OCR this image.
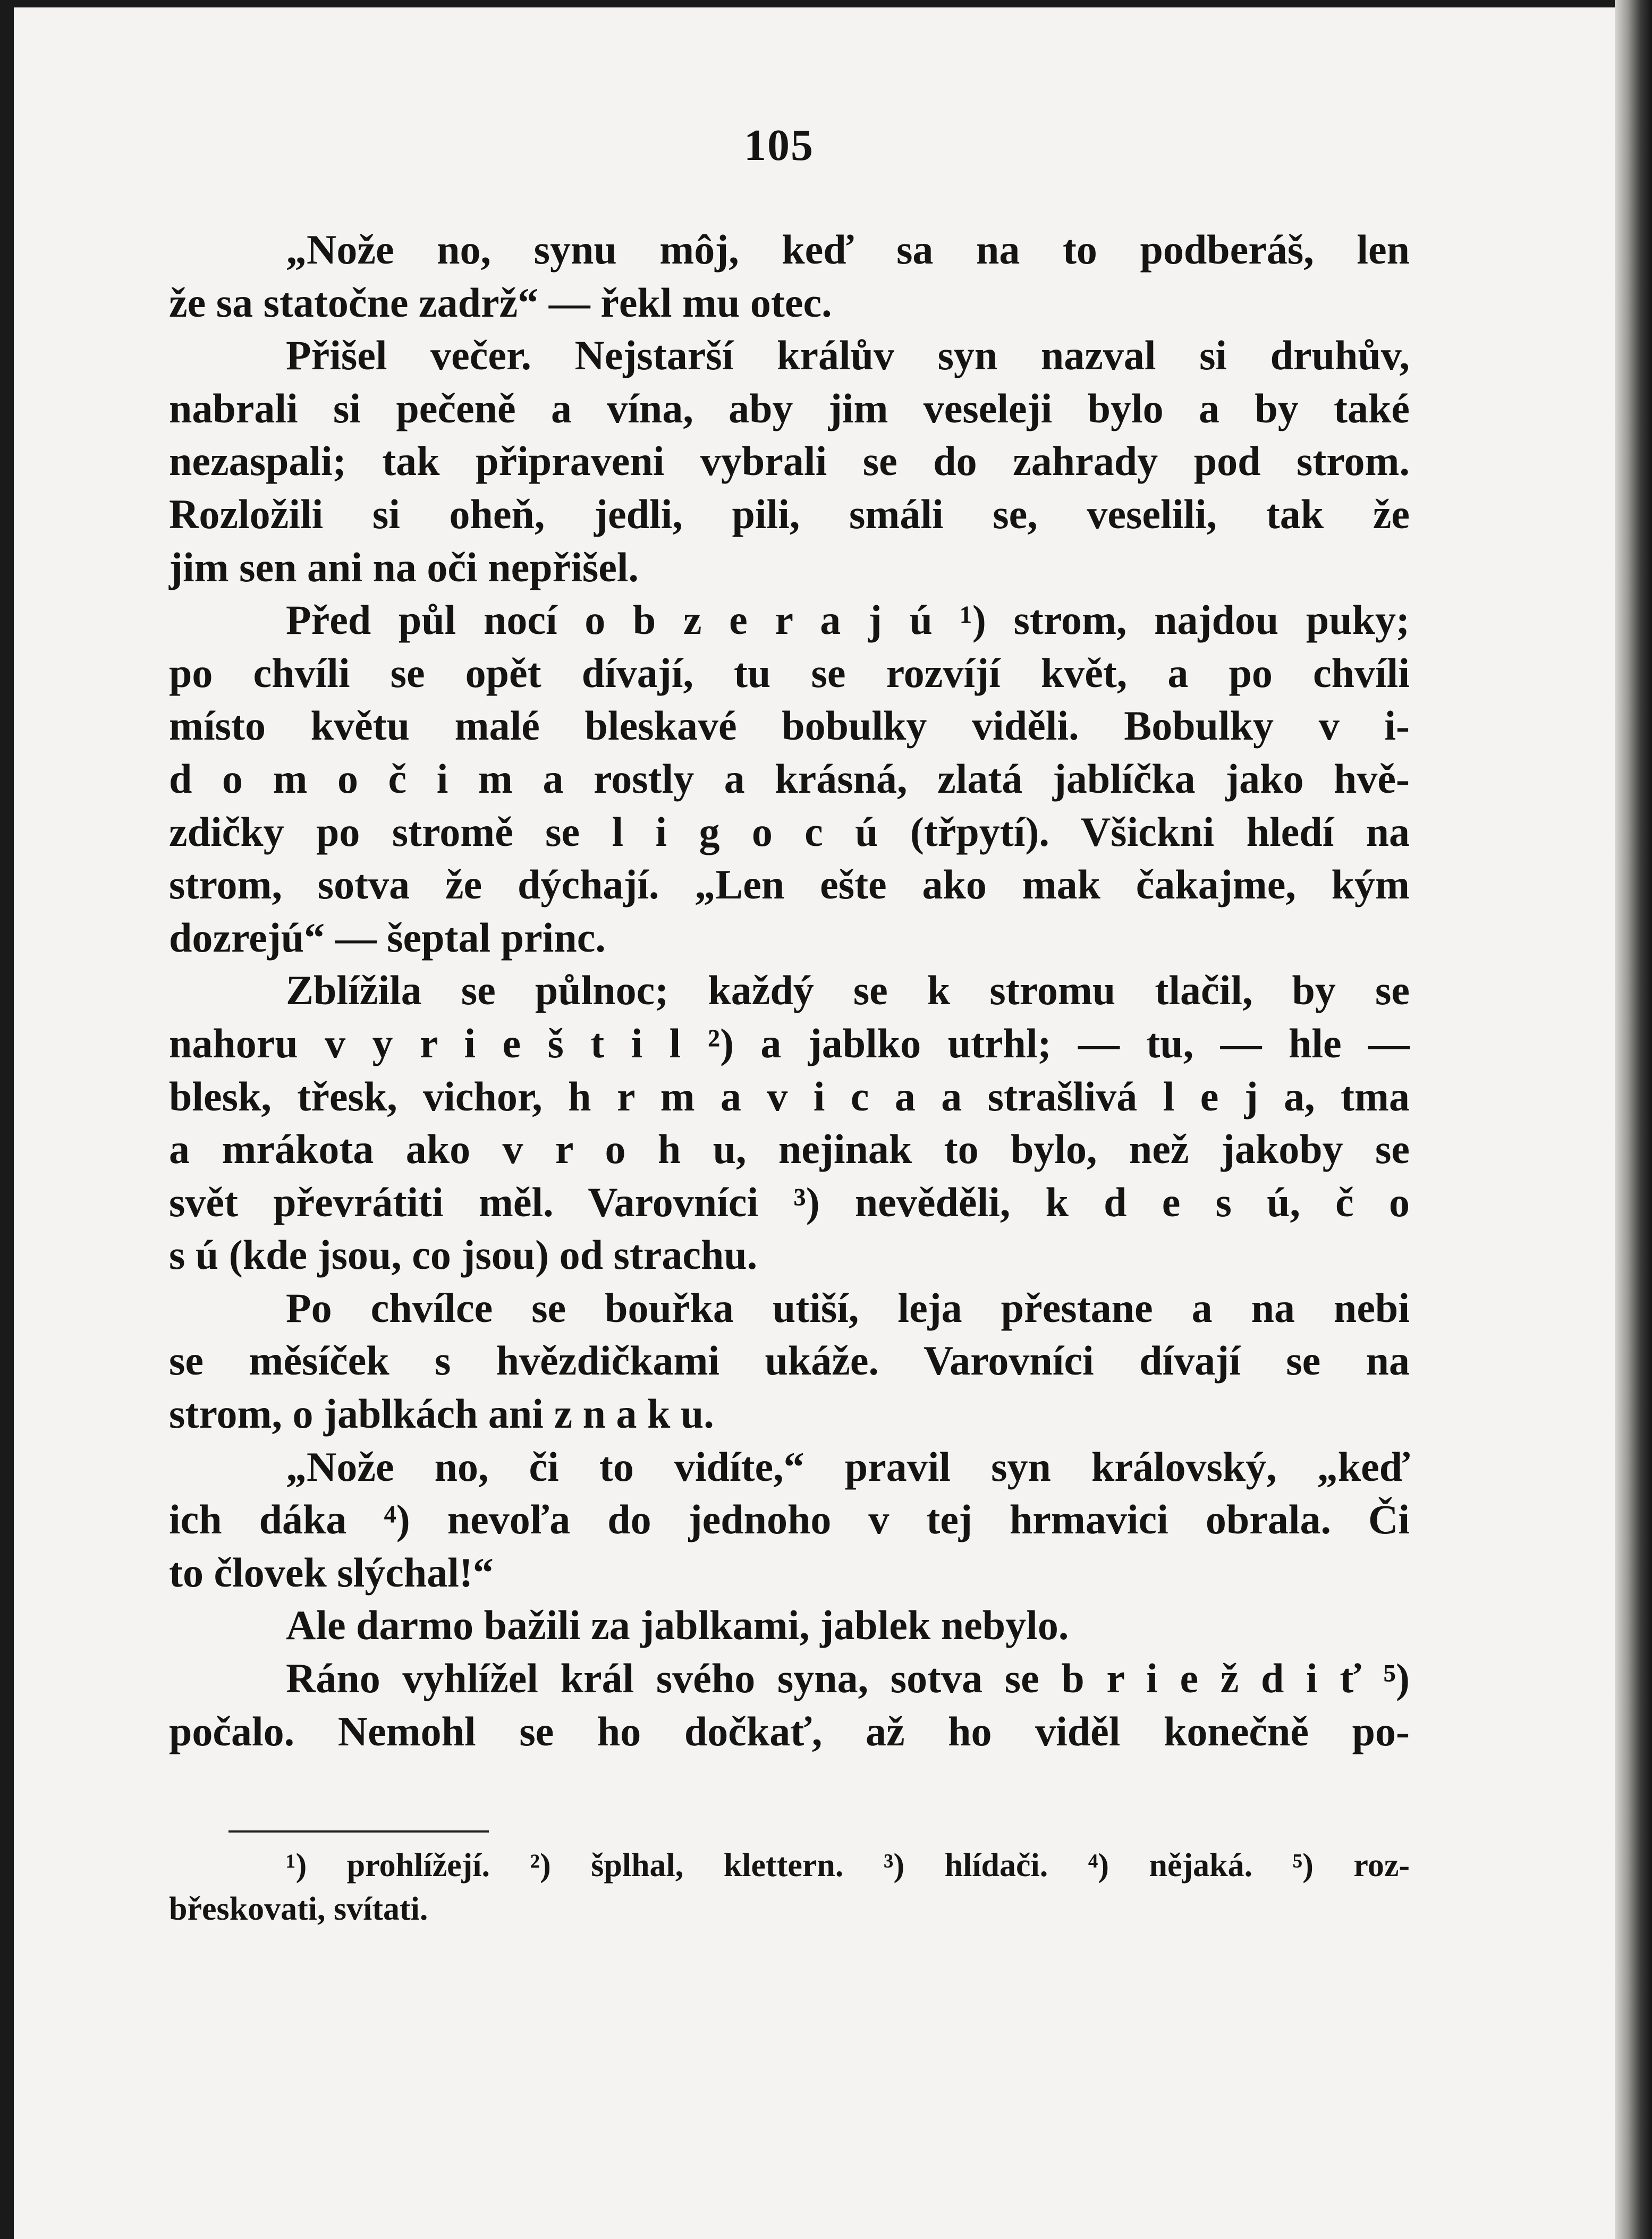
105
„Nože no, synu môj, keď sa na to podberáš, len
že sa statočne zadrž“ — řekl mu otec.
Přišel večer. Nejstarší králův syn nazval si druhův,
nabrali si pečeně a vína, aby jim veseleji bylo a by také
nezaspali; tak připraveni vybrali se do zahrady pod strom.
Rozložili si oheň, jedli, pili, smáli se, veselili, tak že
jim sen ani na oči nepřišel.
Před půl nocí o b z e r a j ú ¹) strom, najdou puky;
po chvíli se opět dívají, tu se rozvíjí květ, a po chvíli
místo květu malé bleskavé bobulky viděli. Bobulky v i-
d o m o č i m a rostly a krásná, zlatá jablíčka jako hvě-
zdičky po stromě se l i g o c ú (třpytí). Všickni hledí na
strom, sotva že dýchají. „Len ešte ako mak čakajme, kým
dozrejú“ — šeptal princ.
Zblížila se půlnoc; každý se k stromu tlačil, by se
nahoru v y r i e š t i l ²) a jablko utrhl; — tu, — hle —
blesk, třesk, vichor, h r m a v i c a a strašlivá l e j a, tma
a mrákota ako v r o h u, nejinak to bylo, než jakoby se
svět převrátiti měl. Varovníci ³) nevěděli, k d e s ú, č o
s ú (kde jsou, co jsou) od strachu.
Po chvílce se bouřka utiší, leja přestane a na nebi
se měsíček s hvězdičkami ukáže. Varovníci dívají se na
strom, o jablkách ani z n a k u.
„Nože no, či to vidíte,“ pravil syn královský, „keď
ich dáka ⁴) nevoľa do jednoho v tej hrmavici obrala. Či
to človek slýchal!“
Ale darmo bažili za jablkami, jablek nebylo.
Ráno vyhlížel král svého syna, sotva se b r i e ž d i ť ⁵)
počalo. Nemohl se ho dočkať, až ho viděl konečně po-
¹) prohlížejí. ²) šplhal, klettern. ³) hlídači. ⁴) nějaká. ⁵) roz-
břeskovati, svítati.
